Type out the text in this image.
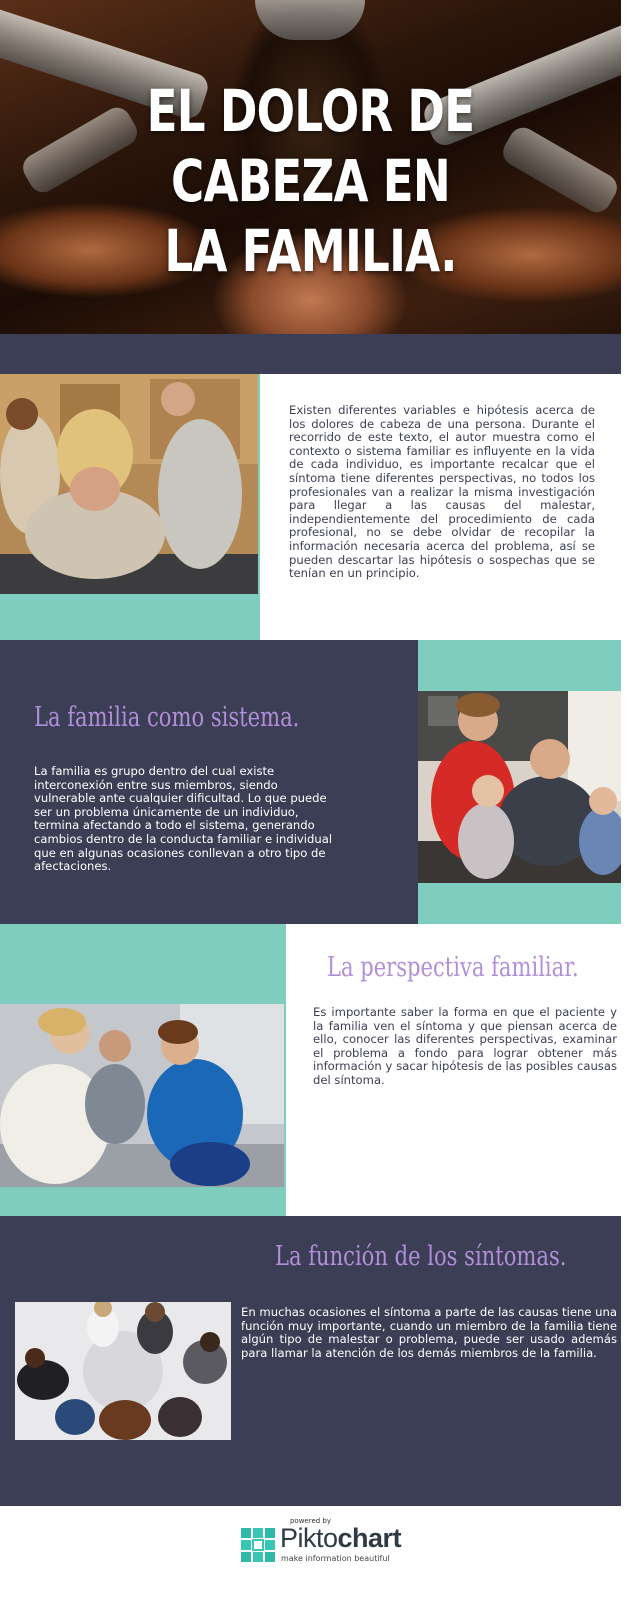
EL DOLOR DE CABEZA EN
LA FAMILIA.
Existen diferentes variables e hipótesis acerca de los dolores de cabeza de una persona. Durante el recorrido de este texto, el autor muestra como el contexto o sistema familiar es influyente en la vida de cada individuo, es importante recalcar que el síntoma tiene diferentes perspectivas, no todos los profesionales van a realizar la misma investigación para llegar a las causas del malestar, independientemente del procedimiento de cada profesional, no se debe olvidar de recopilar la información necesaria acerca del problema, así se pueden descartar las hipótesis o sospechas que se tenían en un principio.
La familia como sistema.
La familia es grupo dentro del cual existe interconexión entre sus miembros, siendo vulnerable ante cualquier dificultad. Lo que puede ser un problema únicamente de un individuo, termina afectando a todo el sistema, generando cambios dentro de la conducta familiar e individual que en algunas ocasiones conllevan a otro tipo de afectaciones.
La perspectiva familiar.
Es importante saber la forma en que el paciente y la familia ven el síntoma y que piensan acerca de ello, conocer las diferentes perspectivas, examinar el problema a fondo para lograr obtener más información y sacar hipótesis de las posibles causas del síntoma.
La función de los síntomas.
En muchas ocasiones el síntoma a parte de las causas tiene una función muy importante, cuando un miembro de la familia tiene algún tipo de malestar o problema, puede ser usado además para llamar la atención de los demás miembros de la familia.
powered by
Piktochart
make information beautiful
